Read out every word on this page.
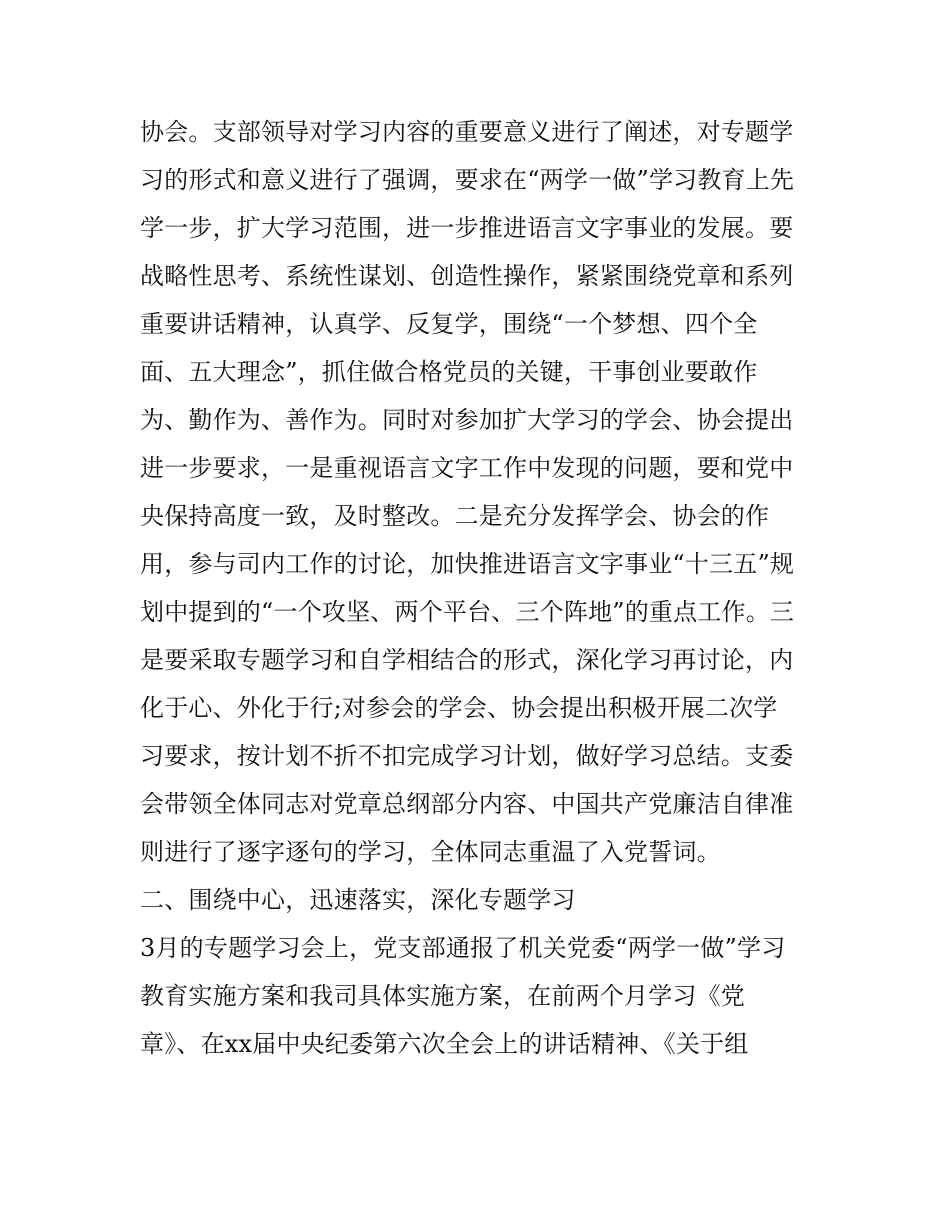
协会。支部领导对学习内容的重要意义进行了阐述，对专题学
习的形式和意义进行了强调，要求在“两学一做”学习教育上先
学一步，扩大学习范围，进一步推进语言文字事业的发展。要
战略性思考、系统性谋划、创造性操作，紧紧围绕党章和系列
重要讲话精神，认真学、反复学，围绕“一个梦想、四个全
面、五大理念”，抓住做合格党员的关键，干事创业要敢作
为、勤作为、善作为。同时对参加扩大学习的学会、协会提出
进一步要求，一是重视语言文字工作中发现的问题，要和党中
央保持高度一致，及时整改。二是充分发挥学会、协会的作
用，参与司内工作的讨论，加快推进语言文字事业“十三五”规
划中提到的“一个攻坚、两个平台、三个阵地”的重点工作。三
是要采取专题学习和自学相结合的形式，深化学习再讨论，内
化于心、外化于行;对参会的学会、协会提出积极开展二次学
习要求，按计划不折不扣完成学习计划，做好学习总结。支委
会带领全体同志对党章总纲部分内容、中国共产党廉洁自律准
则进行了逐字逐句的学习，全体同志重温了入党誓词。
二、围绕中心，迅速落实，深化专题学习
3月的专题学习会上，党支部通报了机关党委“两学一做”学习
教育实施方案和我司具体实施方案，在前两个月学习《党
章》、在xx届中央纪委第六次全会上的讲话精神、《关于组
